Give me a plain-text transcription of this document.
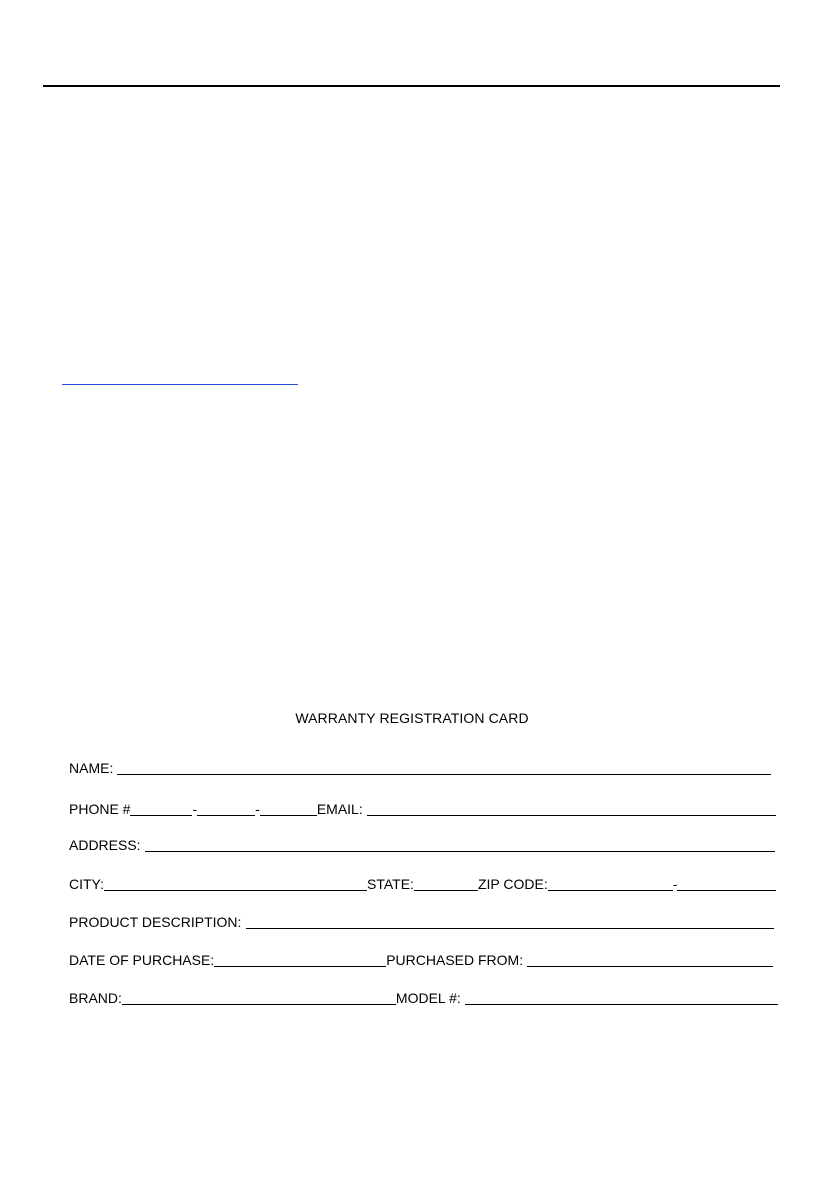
WARRANTY REGISTRATION CARD
NAME:
PHONE #	-	-	EMAIL:
ADDRESS:
CITY:	STATE:	ZIP CODE:	-
PRODUCT DESCRIPTION:
DATE OF PURCHASE:	PURCHASED FROM:
BRAND:	MODEL #:
